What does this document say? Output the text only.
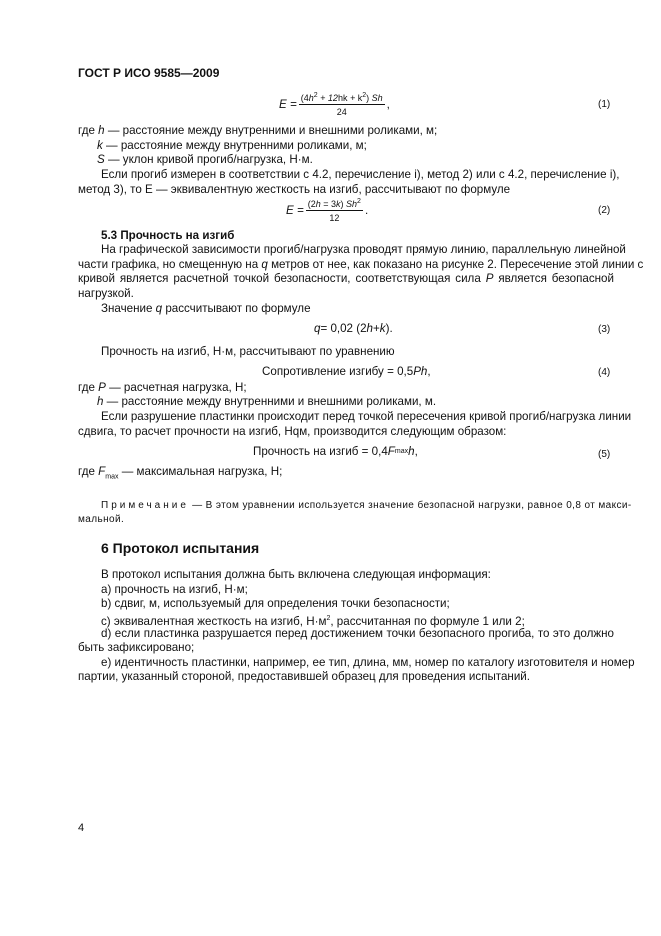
ГОСТ Р ИСО 9585—2009
$E = \frac{(4h^2 + 12hk + k^2) Sh}{24}$ ,	(1)
где h — расстояние между внутренними и внешними роликами, м;
k — расстояние между внутренними роликами, м;
S — уклон кривой прогиб/нагрузка, Н·м.
Если прогиб измерен в соответствии с 4.2, перечисление i), метод 2) или с 4.2, перечисление i),
метод 3), то Е — эквивалентную жесткость на изгиб, рассчитывают по формуле
$E = \frac{(2h = 3k) Sh^2}{12}$ .	(2)
5.3 Прочность на изгиб
На графической зависимости прогиб/нагрузка проводят прямую линию, параллельную линейной
части графика, но смещенную на q метров от нее, как показано на рисунке 2. Пересечение этой линии с
кривой является расчетной точкой безопасности, соответствующая сила P является безопасной
нагрузкой.
Значение q рассчитывают по формуле
q = 0,02 (2 h + k ).	(3)
Прочность на изгиб, Н·м, рассчитывают по уравнению
Сопротивление изгибу = 0,5 Ph ,	(4)
где P — расчетная нагрузка, Н;
h — расстояние между внутренними и внешними роликами, м.
Если разрушение пластинки происходит перед точкой пересечения кривой прогиб/нагрузка линии
сдвига, то расчет прочности на изгиб, Нqм, производится следующим образом:
Прочность на изгиб = 0,4 F max h ,	(5)
где $F_{max}$ — максимальная нагрузка, Н;
Примечание — В этом уравнении используется значение безопасной нагрузки, равное 0,8 от макси-
мальной.
6 Протокол испытания
В протокол испытания должна быть включена следующая информация:
a) прочность на изгиб, Н·м;
b) сдвиг, м, используемый для определения точки безопасности;
c) эквивалентная жесткость на изгиб, $Н\cdot м^2$, рассчитанная по формуле 1 или 2;
d) если пластинка разрушается перед достижением точки безопасного прогиба, то это должно
быть зафиксировано;
e) идентичность пластинки, например, ее тип, длина, мм, номер по каталогу изготовителя и номер
партии, указанный стороной, предоставившей образец для проведения испытаний.
4
